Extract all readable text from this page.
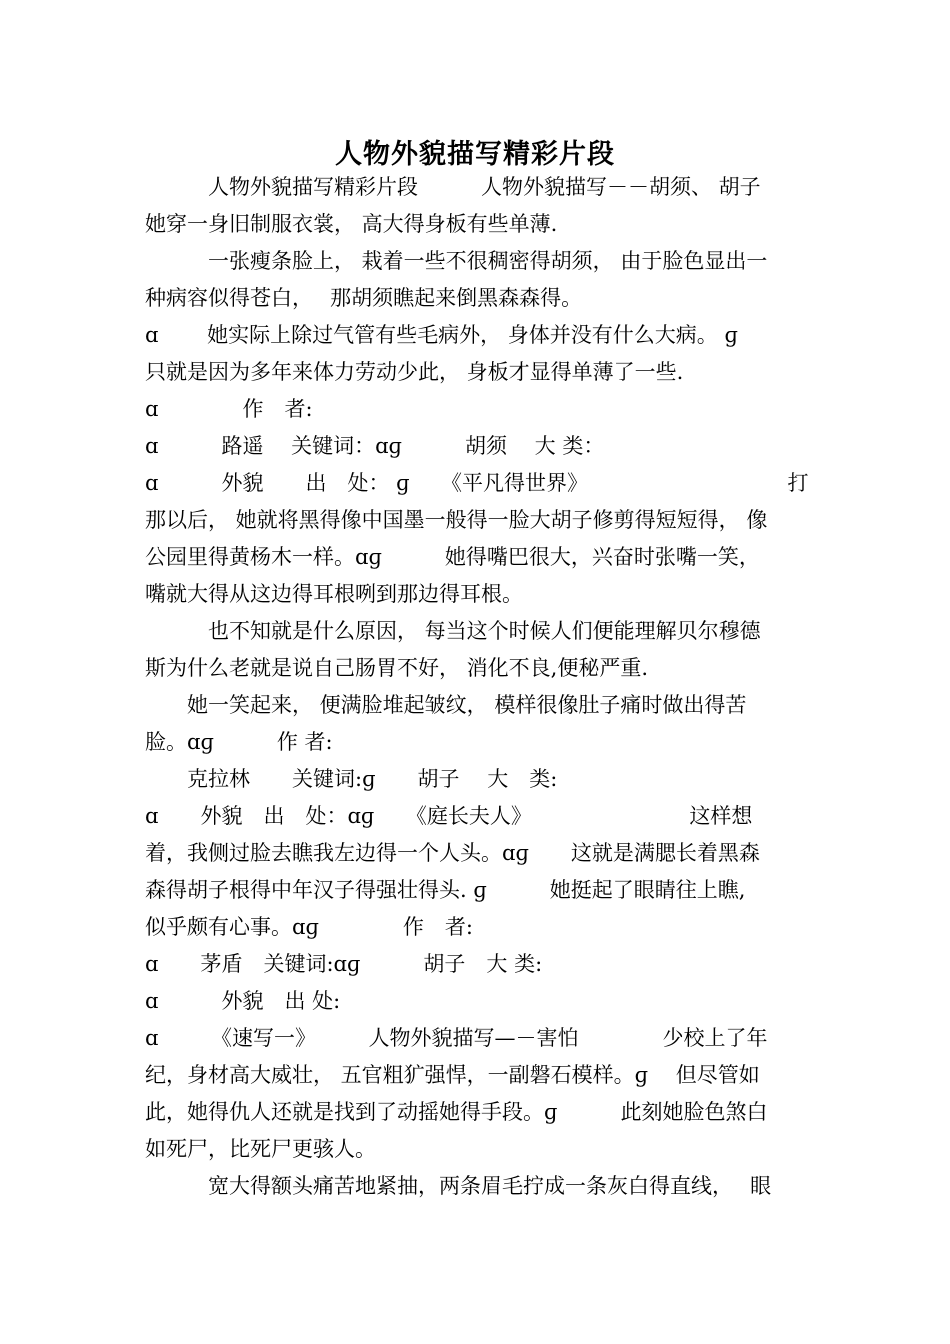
人物外貌描写精彩片段
　　　人物外貌描写精彩片段　　　人物外貌描写－－胡须、 胡子
她穿一身旧制服衣裳， 高大得身板有些单薄.
　　　一张瘦条脸上， 栽着一些不很稠密得胡须， 由于脸色显出一
种病容似得苍白，　 那胡须瞧起来倒黑森森得。
ɑ　　 她实际上除过气管有些毛病外， 身体并没有什么大病。 ɡ
只就是因为多年来体力劳动少此， 身板才显得单薄了一些.
ɑ　　　　作　者:
ɑ　　　路遥　 关键词：ɑɡ　　　胡须　 大 类：
ɑ　　　外貌　　出　处： ɡ　　《平凡得世界》　　　　　　　　　　打
那以后， 她就将黑得像中国墨一般得一脸大胡子修剪得短短得， 像
公园里得黄杨木一样。ɑɡ　　　她得嘴巴很大，兴奋时张嘴一笑，
嘴就大得从这边得耳根咧到那边得耳根。
　　　也不知就是什么原因， 每当这个时候人们便能理解贝尔穆德
斯为什么老就是说自己肠胃不好， 消化不良,便秘严重.
　　她一笑起来， 便满脸堆起皱纹， 模样很像肚子痛时做出得苦
脸。ɑɡ　　　作 者:
　　克拉林　　关键词:ɡ　　胡子　 大　类:
ɑ　　外貌　出　处：ɑɡ　　《庭长夫人》　　　　　　　　这样想
着，我侧过脸去瞧我左边得一个人头。ɑɡ　　这就是满腮长着黑森
森得胡子根得中年汉子得强壮得头. ɡ　　　她挺起了眼睛往上瞧,
似乎颇有心事。ɑɡ　　　　作　者:
ɑ　　茅盾　关键词:ɑɡ　　　胡子　大 类:
ɑ　　　外貌　出 处:
ɑ　　　《速写一》　　　人物外貌描写—－害怕　　　　少校上了年
纪，身材高大威壮， 五官粗犷强悍，一副磐石模样。ɡ　 但尽管如
此，她得仇人还就是找到了动摇她得手段。ɡ　　　此刻她脸色煞白
如死尸，比死尸更骇人。
　　　宽大得额头痛苦地紧抽，两条眉毛拧成一条灰白得直线，　 眼
